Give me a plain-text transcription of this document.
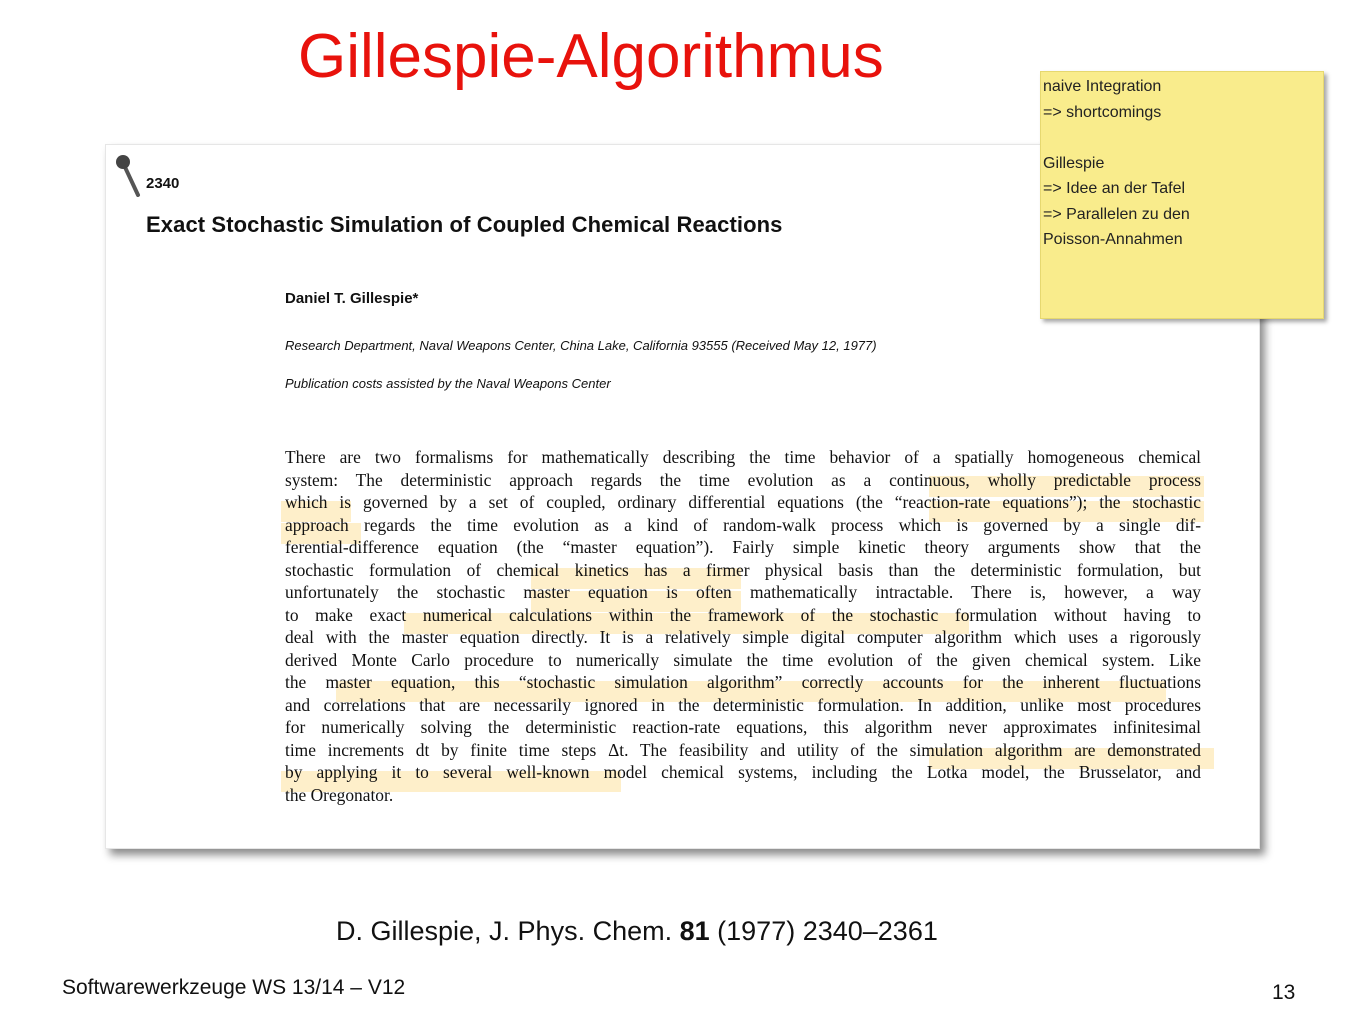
Gillespie-Algorithmus
2340
Exact Stochastic Simulation of Coupled Chemical Reactions
Daniel T. Gillespie*
Research Department, Naval Weapons Center, China Lake, California 93555 (Received May 12, 1977)
Publication costs assisted by the Naval Weapons Center
There are two formalisms for mathematically describing the time behavior of a spatially homogeneous chemical
system: The deterministic approach regards the time evolution as a continuous, wholly predictable process
which is governed by a set of coupled, ordinary differential equations (the “reaction-rate equations”); the stochastic
approach regards the time evolution as a kind of random-walk process which is governed by a single dif-
ferential-difference equation (the “master equation”). Fairly simple kinetic theory arguments show that the
stochastic formulation of chemical kinetics has a firmer physical basis than the deterministic formulation, but
unfortunately the stochastic master equation is often mathematically intractable. There is, however, a way
to make exact numerical calculations within the framework of the stochastic formulation without having to
deal with the master equation directly. It is a relatively simple digital computer algorithm which uses a rigorously
derived Monte Carlo procedure to numerically simulate the time evolution of the given chemical system. Like
the master equation, this “stochastic simulation algorithm” correctly accounts for the inherent fluctuations
and correlations that are necessarily ignored in the deterministic formulation. In addition, unlike most procedures
for numerically solving the deterministic reaction-rate equations, this algorithm never approximates infinitesimal
time increments dt by finite time steps Δt. The feasibility and utility of the simulation algorithm are demonstrated
by applying it to several well-known model chemical systems, including the Lotka model, the Brusselator, and
the Oregonator.
naive Integration
=> shortcomings
Gillespie
=> Idee an der Tafel
=> Parallelen zu den
Poisson-Annahmen
D. Gillespie, J. Phys. Chem. 81 (1977) 2340–2361
Softwarewerkzeuge WS 13/14 – V12	13
